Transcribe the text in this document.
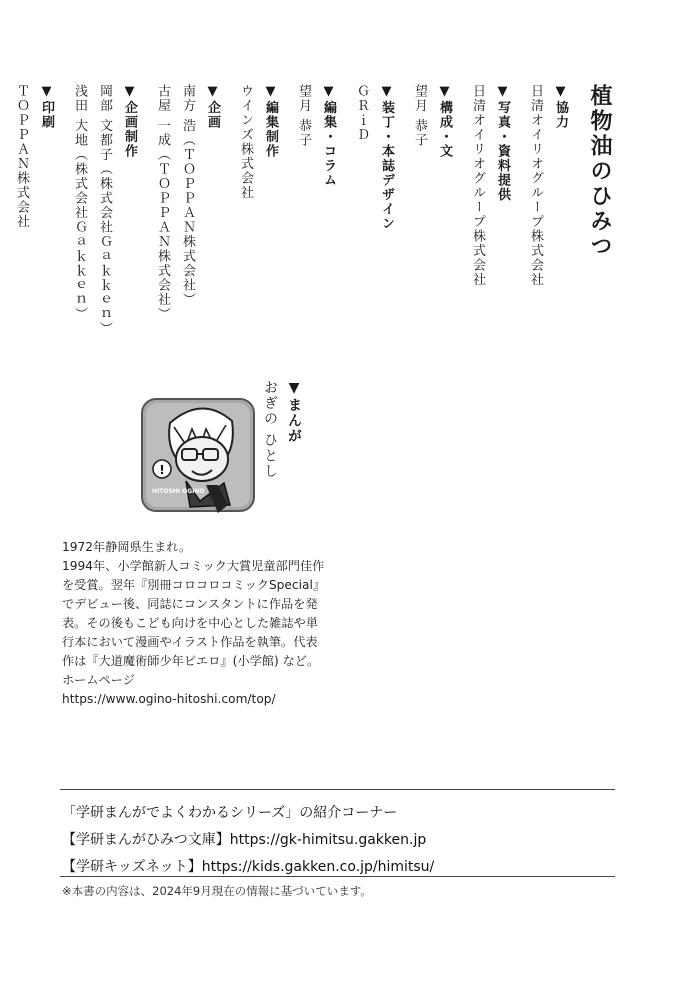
植物油のひみつ
▼協力
日清オイリオグループ株式会社
▼写真・資料提供
日清オイリオグループ株式会社
▼構成・文
望月 恭子
▼装丁・本誌デザイン
ＧＲｉＤ
▼編集・コラム
望月 恭子
▼編集制作
ウインズ株式会社
▼企画
南方 浩（ＴＯＰＰＡＮ株式会社）
古屋 一成（ＴＯＰＰＡＮ株式会社）
▼企画制作
岡部 文都子（株式会社Ｇａｋｋｅｎ）
浅田 大地（株式会社Ｇａｋｋｅｎ）
▼印刷
ＴＯＰＰＡＮ株式会社
▼まんが
おぎの ひとし
!
HITOSHI OGINO

1972年静岡県生まれ。

1994年、小学館新人コミック大賞児童部門佳作

を受賞。翌年『別冊コロコロコミックSpecial』

でデビュー後、同誌にコンスタントに作品を発

表。その後もこども向けを中心とした雑誌や単

行本において漫画やイラスト作品を執筆。代表

作は『大道魔術師少年ピエロ』(小学館) など。

ホームページ

https://www.ogino-hitoshi.com/top/

「学研まんがでよくわかるシリーズ」の紹介コーナー
【学研まんがひみつ文庫】https://gk-himitsu.gakken.jp
【学研キッズネット】https://kids.gakken.co.jp/himitsu/
※本書の内容は、2024年9月現在の情報に基づいています。
